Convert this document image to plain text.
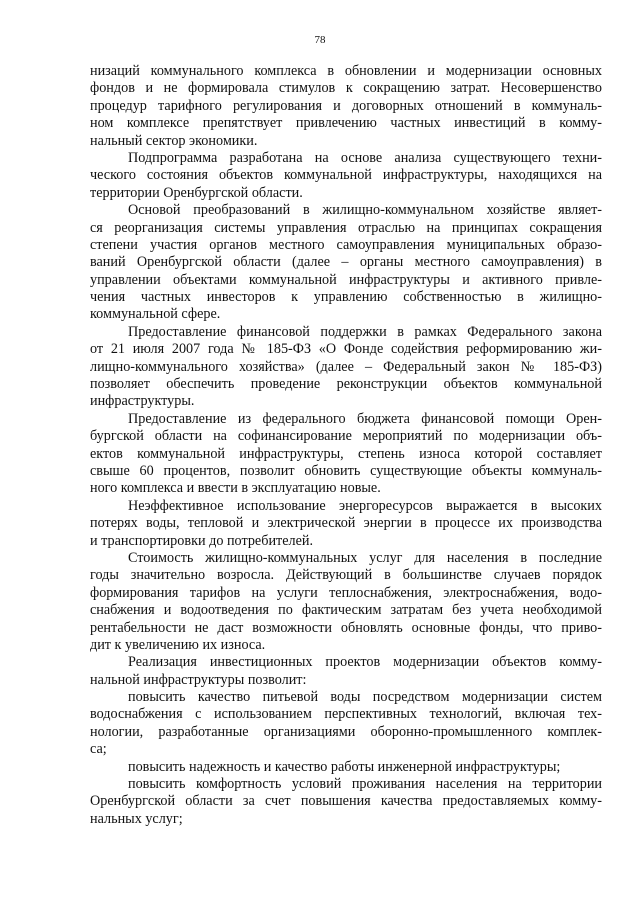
78
низаций коммунального комплекса в обновлении и модернизации основных
фондов и не формировала стимулов к сокращению затрат. Несовершенство
процедур тарифного регулирования и договорных отношений в коммуналь-
ном комплексе препятствует привлечению частных инвестиций в комму-
нальный сектор экономики.
Подпрограмма разработана на основе анализа существующего техни-
ческого состояния объектов коммунальной инфраструктуры, находящихся на
территории Оренбургской области.
Основой преобразований в жилищно-коммунальном хозяйстве являет-
ся реорганизация системы управления отраслью на принципах сокращения
степени участия органов местного самоуправления муниципальных образо-
ваний Оренбургской области (далее – органы местного самоуправления) в
управлении объектами коммунальной инфраструктуры и активного привле-
чения частных инвесторов к управлению собственностью в жилищно-
коммунальной сфере.
Предоставление финансовой поддержки в рамках Федерального закона
от 21 июля 2007 года № 185-ФЗ «О Фонде содействия реформированию жи-
лищно-коммунального хозяйства» (далее – Федеральный закон № 185-ФЗ)
позволяет обеспечить проведение реконструкции объектов коммунальной
инфраструктуры.
Предоставление из федерального бюджета финансовой помощи Орен-
бургской области на софинансирование мероприятий по модернизации объ-
ектов коммунальной инфраструктуры, степень износа которой составляет
свыше 60 процентов, позволит обновить существующие объекты коммуналь-
ного комплекса и ввести в эксплуатацию новые.
Неэффективное использование энергоресурсов выражается в высоких
потерях воды, тепловой и электрической энергии в процессе их производства
и транспортировки до потребителей.
Стоимость жилищно-коммунальных услуг для населения в последние
годы значительно возросла. Действующий в большинстве случаев порядок
формирования тарифов на услуги теплоснабжения, электроснабжения, водо-
снабжения и водоотведения по фактическим затратам без учета необходимой
рентабельности не даст возможности обновлять основные фонды, что приво-
дит к увеличению их износа.
Реализация инвестиционных проектов модернизации объектов комму-
нальной инфраструктуры позволит:
повысить качество питьевой воды посредством модернизации систем
водоснабжения с использованием перспективных технологий, включая тех-
нологии, разработанные организациями оборонно-промышленного комплек-
са;
повысить надежность и качество работы инженерной инфраструктуры;
повысить комфортность условий проживания населения на территории
Оренбургской области за счет повышения качества предоставляемых комму-
нальных услуг;
